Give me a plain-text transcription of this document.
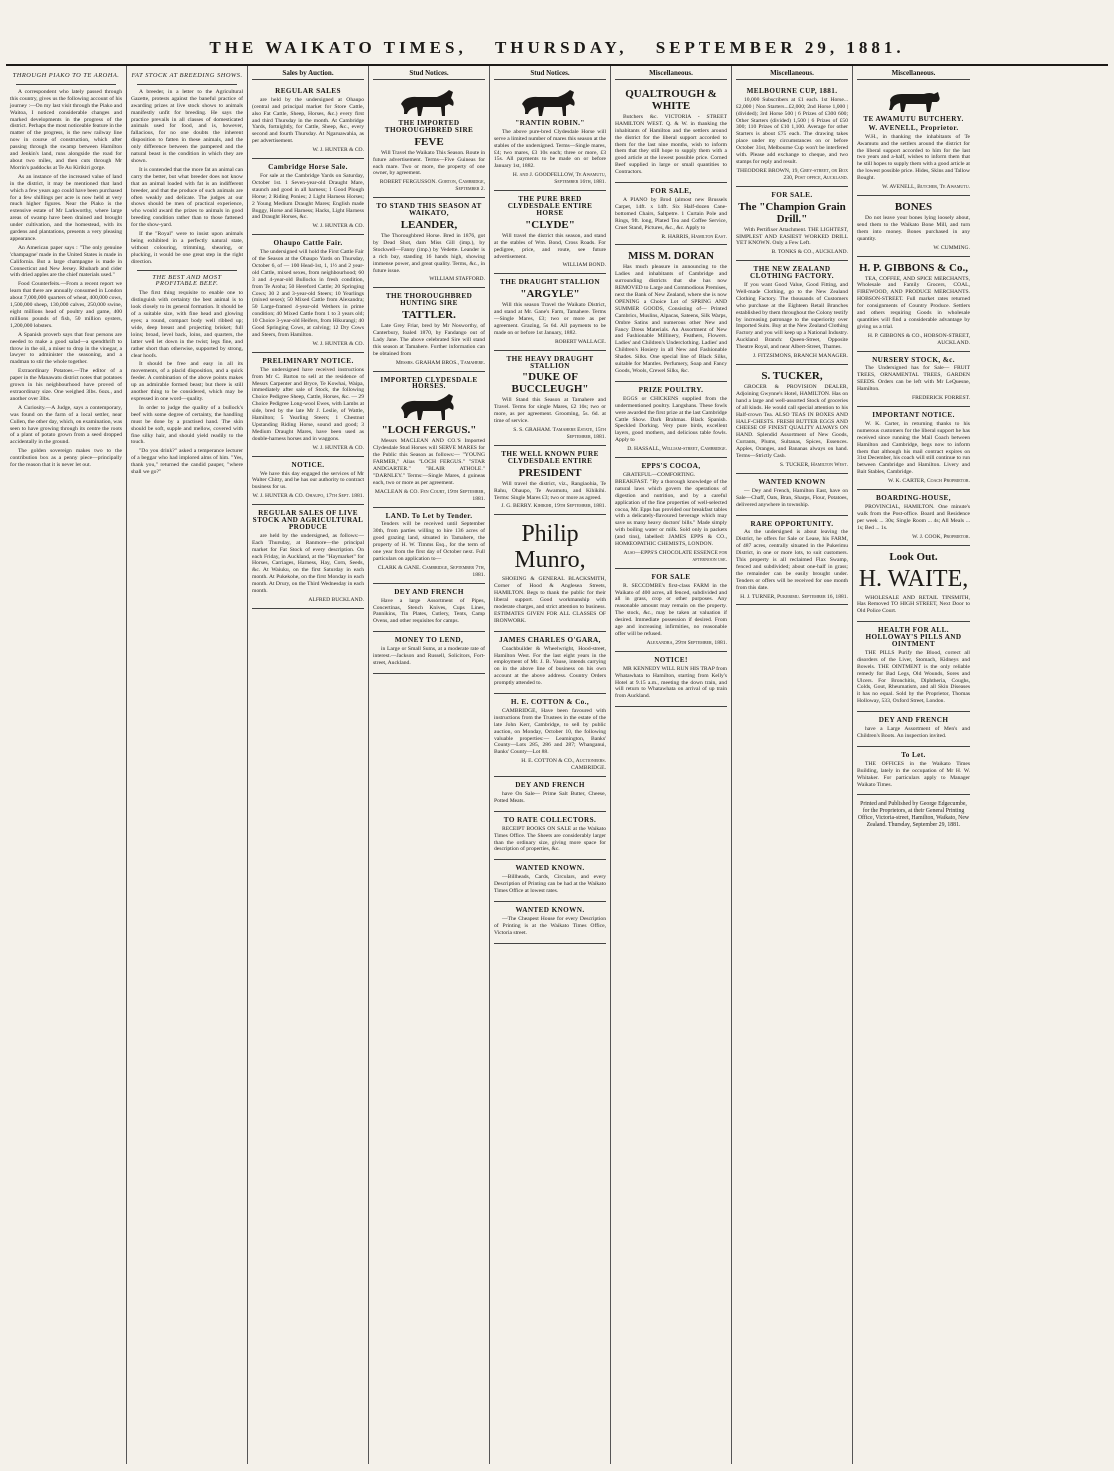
THE WAIKATO TIMES, THURSDAY, SEPTEMBER 29, 1881.
THROUGH PIAKO TO TE AROHA.

A correspondent who lately passed through this country, gives us the following account of his journey :—On my last visit through the Piako and Waitoa, I noticed considerable changes and marked developments in the progress of the district. Perhaps the most noticeable feature in the matter of the progress, is the new railway line now in course of construction, which after passing through the swamp between Hamilton and Jenkin's land, runs alongside the road for about two miles, and then cuts through Mr Morrin's paddocks at Te Au Kirikiri gorge.

As an instance of the increased value of land in the district, it may be mentioned that land which a few years ago could have been purchased for a few shillings per acre is now held at very much higher figures. Near the Piako is the extensive estate of Mr Larkworthy, where large areas of swamp have been drained and brought under cultivation, and the homestead, with its gardens and plantations, presents a very pleasing appearance.

An American paper says : "The only genuine 'champagne' made in the United States is made in California. But a large champagne is made in Connecticut and New Jersey. Rhubarb and cider with dried apples are the chief materials used."

Food Counterfeits.—From a recent report we learn that there are annually consumed in London about 7,000,000 quarters of wheat, 400,000 cows, 1,500,000 sheep, 130,000 calves, 250,000 swine, eight millions head of poultry and game, 400 millions pounds of fish, 50 million oysters, 1,200,000 lobsters.

A Spanish proverb says that four persons are needed to make a good salad—a spendthrift to throw in the oil, a miser to drop in the vinegar, a lawyer to administer the seasoning, and a madman to stir the whole together.

Extraordinary Potatoes.—The editor of a paper in the Manawatu district notes that potatoes grown in his neighbourhood have proved of extraordinary size. One weighed 3lbs. 6ozs., and another over 3lbs.

A Curiosity.—A Judge, says a contemporary, was found on the farm of a local settler, near Cullen, the other day, which, on examination, was seen to have growing through its centre the roots of a plant of potato grown from a seed dropped accidentally in the ground.

The golden sovereign makes two to the contribution box as a penny piece—principally for the reason that it is never let out.

FAT STOCK AT BREEDING SHOWS.

A breeder, in a letter to the Agricultural Gazette, protests against the baneful practice of awarding prizes at live stock shows to animals manifestly unfit for breeding. He says the practice prevails in all classes of domesticated animals used for food, and is, however, fallacious, for no one doubts the inherent disposition to fatten in these animals, and the only difference between the pampered and the natural beast is the condition in which they are shown.

It is contended that the more fat an animal can carry the better, but what breeder does not know that an animal loaded with fat is an indifferent breeder, and that the produce of such animals are often weakly and delicate. The judges at our shows should be men of practical experience, who would award the prizes to animals in good breeding condition rather than to those fattened for the show-yard.

If the "Royal" were to insist upon animals being exhibited in a perfectly natural state, without colouring, trimming, shearing, or plucking, it would be one great step in the right direction.

THE BEST AND MOST PROFITABLE BEEF.

The first thing requisite to enable one to distinguish with certainty the best animal is to look closely to its general formation. It should be of a suitable size, with fine head and glowing eyes; a round, compact body well ribbed up; wide, deep breast and projecting brisket; full loins; broad, level back, loins, and quarters, the latter well let down in the twist; legs fine, and rather short than otherwise, supported by strong, clear hoofs.

It should be free and easy in all its movements, of a placid disposition, and a quick feeder. A combination of the above points makes up an admirable formed beast; but there is still another thing to be considered, which may be expressed in one word—quality.

In order to judge the quality of a bullock's beef with some degree of certainty, the handling must be done by a practised hand. The skin should be soft, supple and mellow, covered with fine silky hair, and should yield readily to the touch.

"Do you drink?" asked a temperance lecturer of a beggar who had implored alms of him. "Yes, thank you," returned the candid pauper, "where shall we go?"

Sales by Auction.
REGULAR SALES

are held by the undersigned at Ohaupo (central and principal market for Store Cattle, also Fat Cattle, Sheep, Horses, &c.) every first and third Thursday in the month. At Cambridge Yards, fortnightly, for Cattle, Sheep, &c., every second and fourth Thursday. At Ngaruawahia, as per advertisement.

W. J. HUNTER & CO.
Cambridge Horse Sale.

For sale at the Cambridge Yards on Saturday, October 1st. 1 Seven-year-old Draught Mare, staunch and good in all harness; 1 Good Plough Horse; 2 Riding Ponies; 2 Light Harness Horses; 2 Young Medium Draught Mares; English made Buggy, Horse and Harness; Hacks, Light Harness and Draught Horses, &c.

W. J. HUNTER & CO.
Ohaupo Cattle Fair.

The undersigned will hold the First Cattle Fair of the Season at the Ohaupo Yards on Thursday, October 6, of — 100 Head-1st, 1, 1½ and 2 year-old Cattle, mixed sexes, from neighbourhood; 60 3 and 4-year-old Bullocks in fresh condition, from Te Aroha; 50 Hereford Cattle; 20 Springing Cows; 30 2 and 3-year-old Steers; 10 Yearlings (mixed sexes); 50 Mixed Cattle from Alexandra; 50 Large-framed 4-year-old Wethers in prime condition; 40 Mixed Cattle from 1 to 3 years old; 10 Choice 3-year-old Heifers, from Hikurangi; 40 Good Springing Cows, at calving; 12 Dry Cows and Steers, from Hamilton.

W. J. HUNTER & CO.
PRELIMINARY NOTICE.

The undersigned have received instructions from Mr C. Barton to sell at the residence of Messrs Carpenter and Bryce, Te Kowhai, Waipa, immediately after sale of Stock, the following Choice Pedigree Sheep, Cattle, Horses, &c. — 29 Choice Pedigree Long-wool Ewes, with Lambs at side, bred by the late Mr J. Leslie, of Wattle, Hamilton; 5 Yearling Steers; 1 Chestnut Upstanding Riding Horse, sound and good; 3 Medium Draught Mares, have been used as double-harness horses and in waggons.

W. J. HUNTER & CO.
NOTICE.

We have this day engaged the services of Mr Walter Chitty, and he has our authority to contract business for us.

W. J. HUNTER & CO. Ohaupo, 17th Sept. 1881.
REGULAR SALES OF LIVE STOCK AND AGRICULTURAL PRODUCE

are held by the undersigned, as follows:— Each Thursday, at Ranmore—the principal market for Fat Stock of every description. On each Friday, in Auckland, at the "Haymarket" for Horses, Carriages, Harness, Hay, Corn, Seeds, &c. At Waiuku, on the first Saturday in each month. At Pukekohe, on the first Monday in each month. At Drury, on the Third Wednesday in each month.

ALFRED BUCKLAND.
Stud Notices.
THE IMPORTED THOROUGHBRED SIRE
FEVE

Will Travel the Waikato This Season. Route in future advertisement. Terms—Five Guineas for each mare. Two or more, the property of one owner, by agreement.

ROBERT FERGUSSON. Gorton, Cambridge, September 2.
TO STAND THIS SEASON AT WAIKATO,
LEANDER,

The Thoroughbred Horse. Bred in 1876, got by Dead Shot, dam Miss Gill (imp.), by Stockwell—Fanny (imp.) by Vedette. Leander is a rich bay, standing 16 hands high, showing immense power, and great quality. Terms, &c., in future issue.

WILLIAM STAFFORD.
THE THOROUGHBRED HUNTING SIRE
TATTLER.

Late Grey Friar, bred by Mr Nosworthy, of Canterbury, foaled 1870, by Fandango out of Lady Jane. The above celebrated Sire will stand this season at Tamahere. Further information can be obtained from

Messrs. GRAHAM BROS., Tamahere.
IMPORTED CLYDESDALE HORSES.
"LOCH FERGUS."

Messrs MACLEAN AND CO.'S Imported Clydesdale Stud Horses will SERVE MARES for the Public this Season as follows:— "YOUNG FARMER," Alias "LOCH FERGUS." "STAR ANDGARTER." "BLAIR ATHOLE." "DARNLEY." Terms:—Single Mares, 4 guineas each, two or more as per agreement.

MACLEAN & CO. Fen Court, 19th September, 1881.
LAND. To Let by Tender.

Tenders will be received until September 30th, from parties willing to hire 136 acres of good grazing land, situated in Tamahere, the property of H. W. Timms Esq., for the term of one year from the first day of October next. Full particulars on application to—

CLARK & GANE. Cambridge, September 7th, 1881.
DEY AND FRENCH

Have a large Assortment of Pipes, Concertinas, Stench Knives, Cups Lines, Pannikins, Tin Plates, Cutlery, Tents, Camp Ovens, and other requisites for camps.

MONEY TO LEND,

in Large or Small Sums, at a moderate rate of interest.—Jackson and Russell, Solicitors, Fort-street, Auckland.

Stud Notices.
"RANTIN ROBIN."

The above pure-bred Clydesdale Horse will serve a limited number of mares this season at the stables of the undersigned. Terms—Single mares, £4; two mares, £3 10s each; three or more, £3 15s. All payments to be made on or before January 1st, 1882.

H. and J. GOODFELLOW, Te Awamutu, September 16th, 1881.
THE PURE BRED CLYDESDALE ENTIRE HORSE
"CLYDE"

Will travel the district this season, and stand at the stables of Wm. Bond, Cross Roads. For pedigree, price, and route, see future advertisement.

WILLIAM BOND.
THE DRAUGHT STALLION
"ARGYLE"

Will this season Travel the Waikato District, and stand at Mr. Gane's Farm, Tamahere. Terms—Single Mares, £3; two or more as per agreement. Grazing, 5s 6d. All payments to be made on or before 1st January, 1882.

ROBERT WALLACE.
THE HEAVY DRAUGHT STALLION
"DUKE OF BUCCLEUGH"

Will Stand this Season at Tamahere and Travel. Terms for single Mares, £2 10s; two or more, as per agreement. Grooming, 5s. 6d. at time of service.

S. S. GRAHAM. Tamahere Estate, 15th September, 1881.
THE WELL KNOWN PURE CLYDESDALE ENTIRE
PRESIDENT

Will travel the district, viz., Rangiaohia, Te Rahu, Ohaupo, Te Awamutu, and Kihikihi. Terms: Single Mares £3; two or more as agreed.

J. G. BERRY. Kihikihi, 19th September, 1881.
Philip Munro,

SHOEING & GENERAL BLACKSMITH, Corner of Hood & Anglesea Streets, HAMILTON. Begs to thank the public for their liberal support. Good workmanship with moderate charges, and strict attention to business. ESTIMATES GIVEN FOR ALL CLASSES OF IRONWORK.

JAMES CHARLES O'GARA,

Coachbuilder & Wheelwright, Hood-street, Hamilton West. For the last eight years in the employment of Mr. J. B. Vause, intends carrying on in the above line of business on his own account at the above address. Country Orders promptly attended to.

H. E. COTTON & Co.,

CAMBRIDGE, Have been favoured with instructions from the Trustees in the estate of the late John Kerr, Cambridge, to sell by public auction, on Monday, October 10, the following valuable properties:— Leamington, Banks' County—Lots 285, 286 and 287; Whanganui, Banks' County—Lot 88.

H. E. COTTON & CO., Auctioneers. CAMBRIDGE.
DEY AND FRENCH

have On Sale— Prime Salt Butter, Cheese, Potted Meats.

TO RATE COLLECTORS.

RECEIPT BOOKS ON SALE at the Waikato Times Office. The Sheets are considerably larger than the ordinary size, giving more space for description of properties, &c.

WANTED KNOWN.

—Billheads, Cards, Circulars, and every Description of Printing can be had at the Waikato Times Office at lowest rates.

WANTED KNOWN.

—The Cheapest House for every Description of Printing is at the Waikato Times Office, Victoria street.

Miscellaneous.
QUALTROUGH & WHITE

Butchers &c. VICTORIA - STREET HAMILTON WEST. Q. & W. in thanking the inhabitants of Hamilton and the settlers around the district for the liberal support accorded to them for the last nine months, wish to inform them that they still hope to supply them with a good article at the lowest possible price. Corned Beef supplied in large or small quantities to Contractors.

FOR SALE,

A PIANO by Brod (almost new Brussels Carpet, 14ft. x 14ft. Six Half-dozen Cane-bottomed Chairs, Saltpetre. 1 Curtain Pole and Rings, 9ft. long, Plated Tea and Coffee Service, Cruet Stand, Pictures, &c., &c. Apply to

R. HARRIS, Hamilton East.
MISS M. DORAN

Has much pleasure in announcing to the Ladies and inhabitants of Cambridge and surrounding districts that she has now REMOVED to Large and Commodious Premises, next the Bank of New Zealand, where she is now OPENING a Choice Lot of SPRING AND SUMMER GOODS, Consisting of— Printed Cambrics, Muslins, Alpacas, Sateens, Silk Warps, Ombre Satins and numerous other New and Fancy Dress Materials. An Assortment of New and Fashionable Millinery, Feathers, Flowers. Ladies' and Children's Underclothing. Ladies' and Children's Hosiery in all New and Fashionable Shades. Silks. One special line of Black Silks, suitable for Mantles. Perfumery, Soap and Fancy Goods, Wools, Crewel Silks, &c.

PRIZE POULTRY.

EGGS or CHICKENS supplied from the undermentioned poultry. Langshans. These fowls were awarded the first prize at the last Cambridge Cattle Show. Dark Brahmas. Black Spanish. Speckled Dorking. Very pure birds, excellent layers, good mothers, and delicious table fowls. Apply to

D. HASSALL, William-street, Cambridge.
EPPS'S COCOA,

GRATEFUL—COMFORTING. BREAKFAST. "By a thorough knowledge of the natural laws which govern the operations of digestion and nutrition, and by a careful application of the fine properties of well-selected cocoa, Mr. Epps has provided our breakfast tables with a delicately-flavoured beverage which may save us many heavy doctors' bills." Made simply with boiling water or milk. Sold only in packets (and tins), labelled: JAMES EPPS & CO., HOMŒOPATHIC CHEMISTS, LONDON.

Also—EPPS'S CHOCOLATE ESSENCE for afternoon use.
FOR SALE

R. SECCOMBE's first-class FARM in the Waikato of 400 acres, all fenced, subdivided and all in grass, crop or other purposes. Any reasonable amount may remain on the property. The stock, &c., may be taken at valuation if desired. Immediate possession if desired. From age and increasing infirmities, no reasonable offer will be refused.

Alexandra, 29th September, 1881.
NOTICE!

MR KENNEDY WILL RUN HIS TRAP from Whatawhata to Hamilton, starting from Kelly's Hotel at 9.15 a.m., meeting the down train, and will return to Whatawhata on arrival of up train from Auckland.

Miscellaneous.
MELBOURNE CUP, 1881.

10,000 Subscribers at £1 each. 1st Horse...£2,000 | Non Starters...£2,000; 2nd Horse 1,000 | (divided); 3rd Horse 500 | 6 Prizes of £300 600; Other Starters (divided) 1,500 | 6 Prizes of £50 300; 110 Prizes of £10 1,100. Average for other Starters is about £75 each. The drawing takes place under my circumstances on or before October 31st, Melbourne Cup won't be interfered with. Please add exchange to cheque, and two stamps for reply and result.

THEODORE BROWN, 19, Grey-street, or Box 230, Post office, Auckland.
FOR SALE.
The "Champion Grain Drill."

With Pertifixer Attachment. THE LIGHTEST, SIMPLEST AND EASIEST WORKED DRILL YET KNOWN. Only a Few Left.

B. TONKS & CO., AUCKLAND.
THE NEW ZEALAND CLOTHING FACTORY.

If you want Good Value, Good Fitting, and Well-made Clothing, go to the New Zealand Clothing Factory. The thousands of Customers who purchase at the Eighteen Retail Branches established by them throughout the Colony testify by increasing patronage to the superiority over Imported Suits. Buy at the New Zealand Clothing Factory and you will keep up a National Industry. Auckland Branch: Queen-Street, Opposite Theatre Royal, and near Albert-Street, Thames.

J. FITZSIMONS, BRANCH MANAGER.
S. TUCKER,

GROCER & PROVISION DEALER, Adjoining Gwynne's Hotel, HAMILTON. Has on hand a large and well-assorted Stock of groceries of all kinds. He would call special attention to his Half-crown Tea. ALSO TEAS IN BOXES AND HALF-CHESTS. FRESH BUTTER EGGS AND CHEESE OF FINEST QUALITY ALWAYS ON HAND. Splendid Assortment of New Goods, Currants, Plums, Sultanas, Spices, Essences. Apples, Oranges, and Bananas always on hand. Terms—Strictly Cash.

S. TUCKER, Hamilton West.
WANTED KNOWN

— Dey and French, Hamilton East, have on Sale—Chaff, Oats, Bran, Sharps, Flour, Potatoes, delivered anywhere in township.

RARE OPPORTUNITY.

As the undersigned is about leaving the District, he offers for Sale or Lease, his FARM, of 487 acres, centrally situated in the Pukerimu District, in one or more lots, to suit customers. This property is all reclaimed Flax Swamp, fenced and subdivided; about one-half in grass; the remainder can be easily brought under. Tenders or offers will be received for one month from this date.

H. J. TURNER, Pukerimu. September 16, 1881.
Miscellaneous.
TE AWAMUTU BUTCHERY.
W. AVENELL, Proprietor.

W.H., in thanking the inhabitants of Te Awamutu and the settlers around the district for the liberal support accorded to him for the last two years and a-half, wishes to inform them that he still hopes to supply them with a good article at the lowest possible price. Hides, Skins and Tallow Bought.

W. AVENELL, Butcher, Te Awamutu.
BONES

Do not leave your bones lying loosely about, send them to the Waikato Bone Mill, and turn them into money. Bones purchased in any quantity.

W. CUMMING.
H. P. GIBBONS & Co.,

TEA, COFFEE, AND SPICE MERCHANTS, Wholesale and Family Grocers, COAL, FIREWOOD, AND PRODUCE MERCHANTS. HOBSON-STREET. Full market rates returned for consignments of Country Produce. Settlers and others requiring Goods in wholesale quantities will find a considerable advantage by giving us a trial.

H. P. GIBBONS & CO., HOBSON-STREET, AUCKLAND.
NURSERY STOCK, &c.

The Undersigned has for Sale— FRUIT TREES, ORNAMENTAL TREES, GARDEN SEEDS. Orders can be left with Mr LeQuesne, Hamilton.

FREDERICK FORREST.
IMPORTANT NOTICE.

W. K. Carter, in returning thanks to his numerous customers for the liberal support he has received since running the Mail Coach between Hamilton and Cambridge, begs now to inform them that although his mail contract expires on 31st December, his coach will still continue to run between Cambridge and Hamilton. Livery and Bait Stables, Cambridge.

W. K. CARTER, Coach Proprietor.
BOARDING-HOUSE,

PROVINCIAL, HAMILTON. One minute's walk from the Post-office. Board and Residence per week ... 30s; Single Room ... 4s; All Meals ... 1s; Bed ... 1s.

W. J. COOK, Proprietor.
Look Out.
H. WAITE,

WHOLESALE AND RETAIL TINSMITH, Has Removed TO HIGH STREET, Next Door to Old Police Court.

HEALTH FOR ALL. HOLLOWAY'S PILLS AND OINTMENT

THE PILLS Purify the Blood, correct all disorders of the Liver, Stomach, Kidneys and Bowels. THE OINTMENT is the only reliable remedy for Bad Legs, Old Wounds, Sores and Ulcers. For Bronchitis, Diphtheria, Coughs, Colds, Gout, Rheumatism, and all Skin Diseases it has no equal. Sold by the Proprietor, Thomas Holloway, 533, Oxford Street, London.

DEY AND FRENCH

have a Large Assortment of Men's and Children's Boots. An inspection invited.

To Let.

THE OFFICES in the Waikato Times Building, lately in the occupation of Mr H. W. Whitaker. For particulars apply to Manager Waikato Times.

Printed and Published by George Edgecumbe, for the Proprietors, at their General Printing Office, Victoria-street, Hamilton, Waikato, New Zealand. Thursday, September 29, 1881.
